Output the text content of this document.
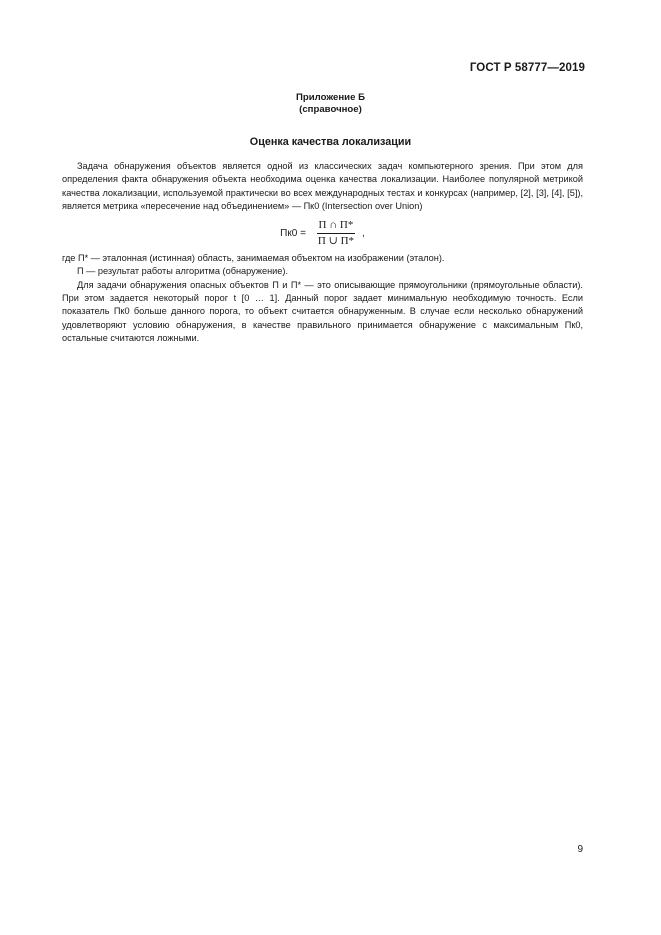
ГОСТ Р 58777—2019
Приложение Б
(справочное)
Оценка качества локализации

Задача обнаружения объектов является одной из классических задач компьютерного зрения. При этом для определения факта обнаружения объекта необходима оценка качества локализации. Наиболее популярной метрикой качества локализации, используемой практически во всех международных тестах и конкурсах (например, [2], [3], [4], [5]), является метрика «пересечение над объединением» — Пк0 (Intersection over Union)

$Пк0 = \frac{П \cap П*}{П \cup П*}$ ,

где П* — эталонная (истинная) область, занимаемая объектом на изображении (эталон).

П — результат работы алгоритма (обнаружение).

Для задачи обнаружения опасных объектов П и П* — это описывающие прямоугольники (прямоугольные области). При этом задается некоторый порог t [0 … 1]. Данный порог задает минимальную необходимую точность. Если показатель Пк0 больше данного порога, то объект считается обнаруженным. В случае если несколько обнаружений удовлетворяют условию обнаружения, в качестве правильного принимается обнаружение с максимальным Пк0, остальные считаются ложными.

9
